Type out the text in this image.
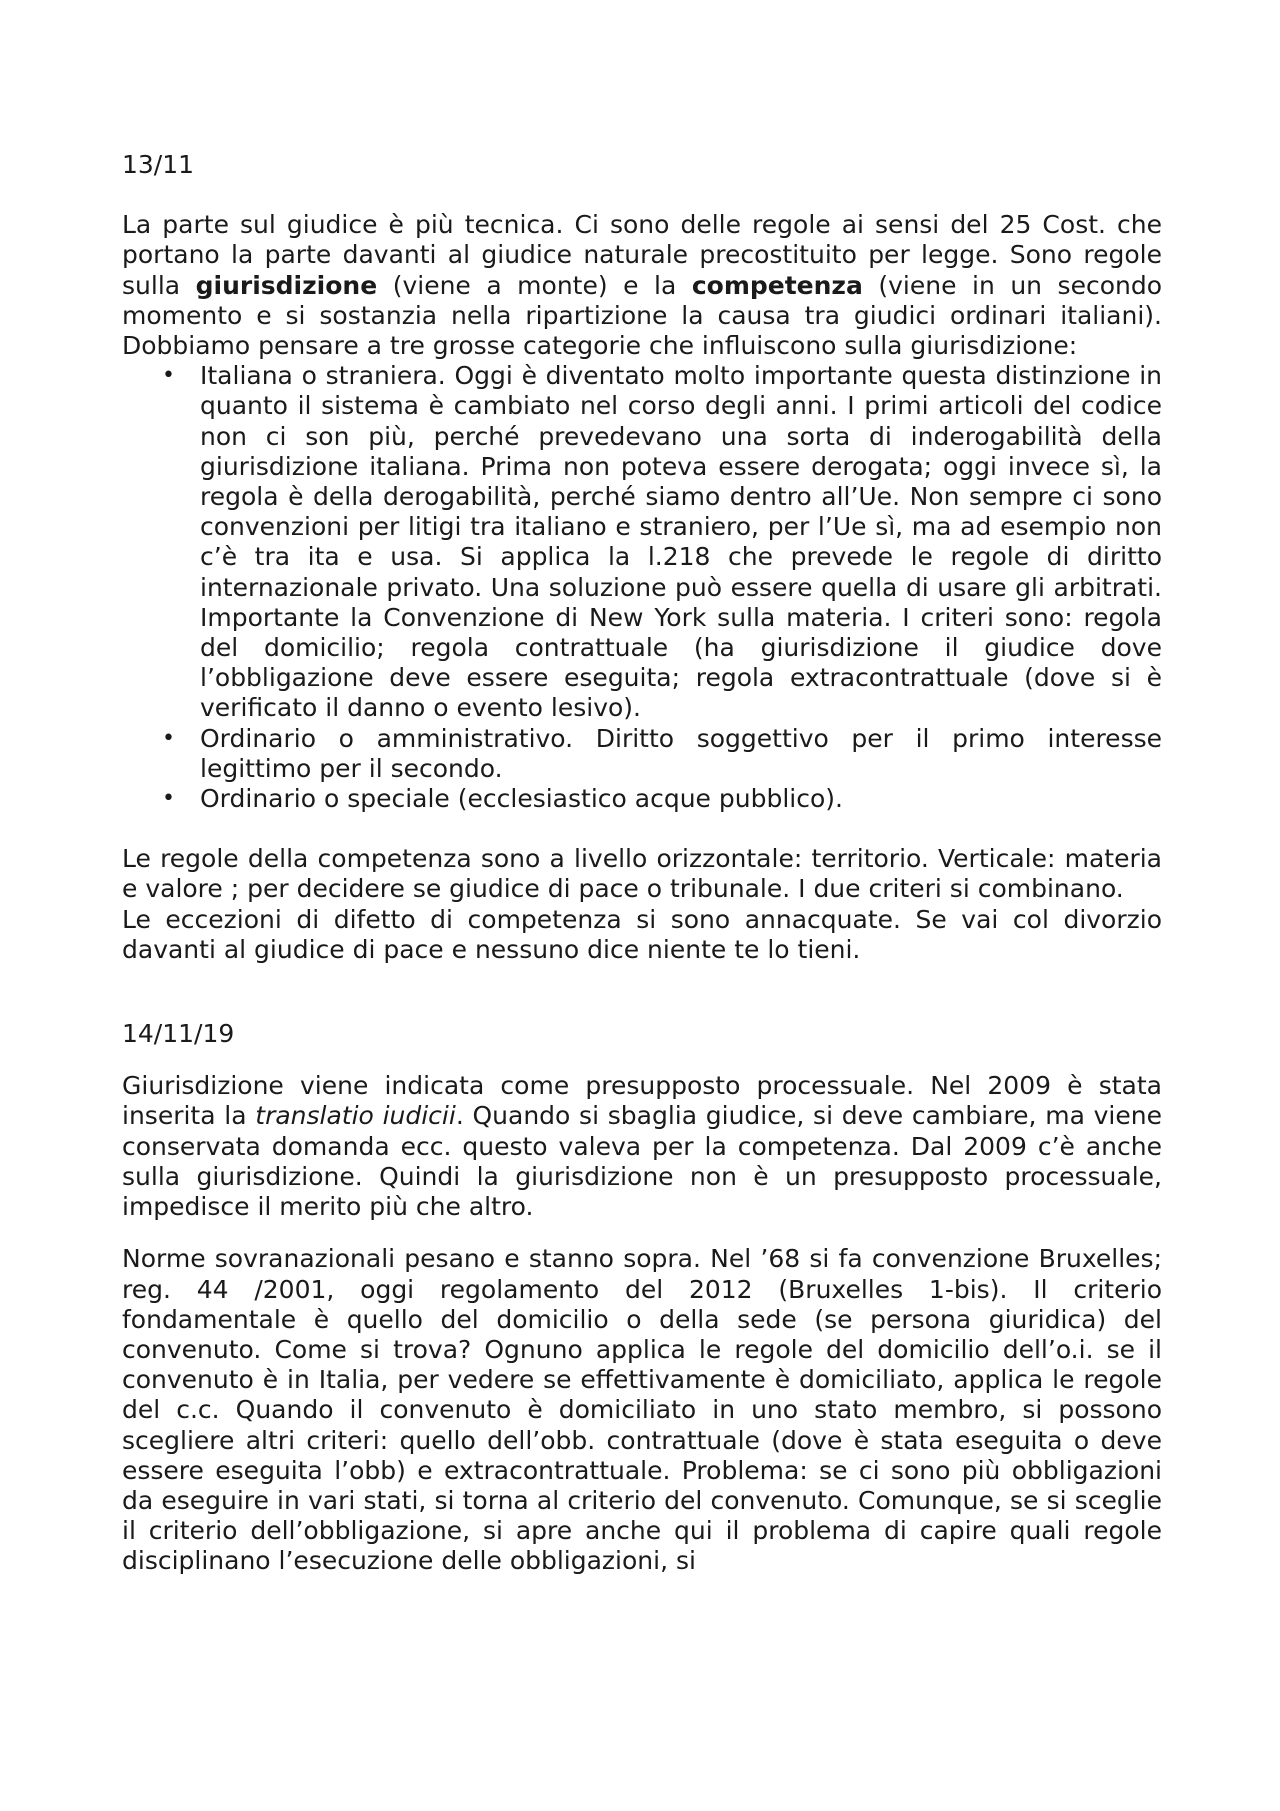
13/11

La parte sul giudice è più tecnica. Ci sono delle regole ai sensi del 25 Cost. che portano la parte davanti al giudice naturale precostituito per legge. Sono regole sulla giurisdizione (viene a monte) e la competenza (viene in un secondo momento e si sostanzia nella ripartizione la causa tra giudici ordinari italiani). Dobbiamo pensare a tre grosse categorie che influiscono sulla giurisdizione:

• Italiana o straniera. Oggi è diventato molto importante questa distinzione in quanto il sistema è cambiato nel corso degli anni. I primi articoli del codice non ci son più, perché prevedevano una sorta di inderogabilità della giurisdizione italiana. Prima non poteva essere derogata; oggi invece sì, la regola è della derogabilità, perché siamo dentro all’Ue. Non sempre ci sono convenzioni per litigi tra italiano e straniero, per l’Ue sì, ma ad esempio non c’è tra ita e usa. Si applica la l.218 che prevede le regole di diritto internazionale privato. Una soluzione può essere quella di usare gli arbitrati. Importante la Convenzione di New York sulla materia. I criteri sono: regola del domicilio; regola contrattuale (ha giurisdizione il giudice dove l’obbligazione deve essere eseguita; regola extracontrattuale (dove si è verificato il danno o evento lesivo).
• Ordinario o amministrativo. Diritto soggettivo per il primo interesse legittimo per il secondo.
• Ordinario o speciale (ecclesiastico acque pubblico).

Le regole della competenza sono a livello orizzontale: territorio. Verticale: materia e valore ; per decidere se giudice di pace o tribunale. I due criteri si combinano.

Le eccezioni di difetto di competenza si sono annacquate. Se vai col divorzio davanti al giudice di pace e nessuno dice niente te lo tieni.

14/11/19

Giurisdizione viene indicata come presupposto processuale. Nel 2009 è stata inserita la translatio iudicii. Quando si sbaglia giudice, si deve cambiare, ma viene conservata domanda ecc. questo valeva per la competenza. Dal 2009 c’è anche sulla giurisdizione. Quindi la giurisdizione non è un presupposto processuale, impedisce il merito più che altro.

Norme sovranazionali pesano e stanno sopra. Nel ’68 si fa convenzione Bruxelles; reg. 44 /2001, oggi regolamento del 2012 (Bruxelles 1-bis). Il criterio fondamentale è quello del domicilio o della sede (se persona giuridica) del convenuto. Come si trova? Ognuno applica le regole del domicilio dell’o.i. se il convenuto è in Italia, per vedere se effettivamente è domiciliato, applica le regole del c.c. Quando il convenuto è domiciliato in uno stato membro, si possono scegliere altri criteri: quello dell’obb. contrattuale (dove è stata eseguita o deve essere eseguita l’obb) e extracontrattuale. Problema: se ci sono più obbligazioni da eseguire in vari stati, si torna al criterio del convenuto. Comunque, se si sceglie il criterio dell’obbligazione, si apre anche qui il problema di capire quali regole disciplinano l’esecuzione delle obbligazioni, si
